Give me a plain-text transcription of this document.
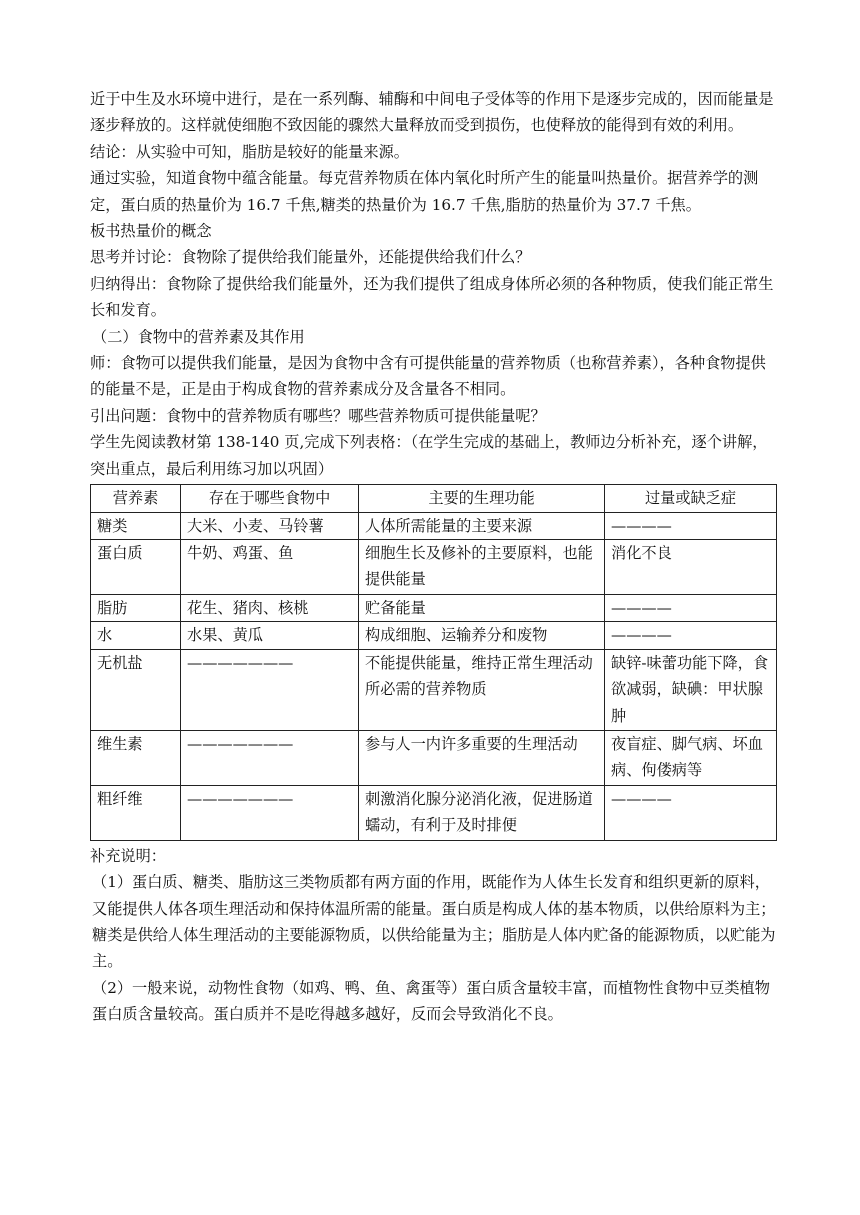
近于中生及水环境中进行，是在一系列酶、辅酶和中间电子受体等的作用下是逐步完成的，因而能量是逐步释放的。这样就使细胞不致因能的骤然大量释放而受到损伤，也使释放的能得到有效的利用。

结论：从实验中可知，脂肪是较好的能量来源。

通过实验，知道食物中蕴含能量。每克营养物质在体内氧化时所产生的能量叫热量价。据营养学的测定，蛋白质的热量价为 16.7 千焦,糖类的热量价为 16.7 千焦,脂肪的热量价为 37.7 千焦。

板书热量价的概念

思考并讨论：食物除了提供给我们能量外，还能提供给我们什么？

归纳得出：食物除了提供给我们能量外，还为我们提供了组成身体所必须的各种物质，使我们能正常生长和发育。

（二）食物中的营养素及其作用

师：食物可以提供我们能量，是因为食物中含有可提供能量的营养物质（也称营养素），各种食物提供的能量不是，正是由于构成食物的营养素成分及含量各不相同。

引出问题：食物中的营养物质有哪些？哪些营养物质可提供能量呢？

学生先阅读教材第 138-140 页,完成下列表格：（在学生完成的基础上，教师边分析补充，逐个讲解，突出重点，最后利用练习加以巩固）

营养素	存在于哪些食物中	主要的生理功能	过量或缺乏症
糖类	大米、小麦、马铃薯	人体所需能量的主要来源	————
蛋白质	牛奶、鸡蛋、鱼	细胞生长及修补的主要原料，也能提供能量	消化不良
脂肪	花生、猪肉、核桃	贮备能量	————
水	水果、黄瓜	构成细胞、运输养分和废物	————
无机盐	———————	不能提供能量，维持正常生理活动所必需的营养物质	缺锌-味蕾功能下降，食欲减弱，缺碘：甲状腺肿
维生素	———————	参与人一内许多重要的生理活动	夜盲症、脚气病、坏血病、佝偻病等
粗纤维	———————	刺激消化腺分泌消化液，促进肠道蠕动，有利于及时排便	————

补充说明：

（1）蛋白质、糖类、脂肪这三类物质都有两方面的作用，既能作为人体生长发育和组织更新的原料，又能提供人体各项生理活动和保持体温所需的能量。蛋白质是构成人体的基本物质，以供给原料为主；糖类是供给人体生理活动的主要能源物质，以供给能量为主；脂肪是人体内贮备的能源物质，以贮能为主。

（2）一般来说，动物性食物（如鸡、鸭、鱼、禽蛋等）蛋白质含量较丰富，而植物性食物中豆类植物蛋白质含量较高。蛋白质并不是吃得越多越好，反而会导致消化不良。
